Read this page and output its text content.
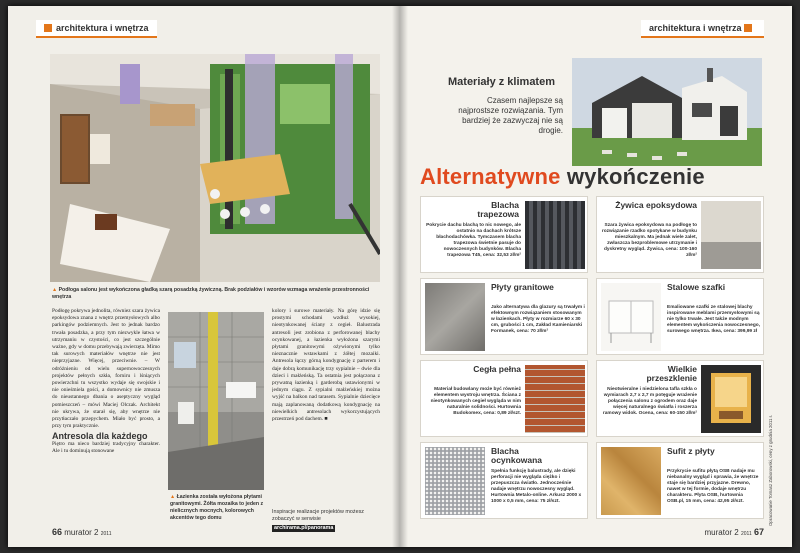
architektura i wnętrza
▲ Podłoga salonu jest wykończona gładką szarą posadzką żywiczną. Brak podziałów i wzorów wzmaga wrażenie przestronności wnętrza

Podłogę pokrywa jednolita, równiez szara żywica epoksydowa znana z wnętrz przemysłowych albo parkingów podziemnych. Jest to jednak bardzo trwała posadzka, a przy tym niezwykle łatwa w utrzymaniu w czystości, co jest szczególnie ważne, gdy w domu przebywają zwierzęta. Mimo tak surowych materiałów wnętrze nie jest nieprzyjazne. Więcej, przeciwnie. – W odróżnieniu od wielu supernowoczesnych projektów pełnych szkła, forniru i lśniących powierzchni tu wszystko wydaje się swojskie i nie onieśmiela gości, a domownicy nie zmusza do nieustannego dbania o aseptyczny wygląd pomieszczeń – mówi Maciej Olczak. Architekt nie ukrywa, że starał się, aby wnętrze nie przytłaczało przepychem. Miało być prosto, a przy tym praktycznie.

Antresola dla każdego

Piętro ma nieco bardziej tradycyjny charakter. Ale i tu dominują stonowane

▲ Łazienka została wyłożona płytami granitowymi. Żółta mozaika to jeden z nielicznych mocnych, kolorowych akcentów tego domu

kolory i surowe materiały. Na górę idzie się prostymi schodami wzdłuż wysokiej, nieotynkowanej ściany z cegieł. Balustrada antresoli jest zrobiona z perforowanej blachy ocynkowanej, a łazienka wyłożona szarymi płytami granitowymi ożywionymi tylko nieznacznie wstawkami z żółtej mozaiki. Antresola łączy górną kondygnację z parterem i daje dobrą komunikację trzy sypialnie – dwie dla dzieci i małżeńską. Ta ostatnia jest połączona z prywatną łazienką i garderobą ustawionymi w jednym ciągu. Z sypialni małżeńskiej można wyjść na balkon nad tarasem. Sypialnie dziecięce mają zaplanowaną dodatkową kondygnację na niewielkich antresolach wykorzystujących przestrzeń pod dachem. ■

Inspiracje realizacje projektów możesz zobaczyć w serwisie
archirama.pl/panorama
66 murator 2 2011
architektura i wnętrza
Materiały z klimatem
Czasem najlepsze są najprostsze rozwiązania. Tym bardziej że zazwyczaj nie są drogie.
Alternatywne wykończenie
Blacha trapezowa
Pokrycie dachu blachą to nic nowego, ale ostatnio na dachach krótsze błachodachówka. Tymczasem blacha trapezowa świetnie pasuje do nowoczesnych budynków. Blacha trapezowa T45, cena: 32,53 zł/m²
Żywica epoksydowa
Szara żywica epoksydowa na podłogę to rozwiązanie rzadko spotykane w budynku mieszkalnym. Ma jednak wiele zalet, zwłaszcza bezproblemowe utrzymanie i dyskretny wygląd. Żywica, cena: 100-160 zł/m²
Płyty granitowe
Jako alternatywa dla glazury są trwałym i efektownym rozwiązaniem stosowanym w łazienkach. Płyty w rozmiarze 60 x 30 cm, grubości 1 cm, Zakład Kamieniarski Formanek, cena: 70 zł/m²
Stalowe szafki
Emaliowane szafki ze stalowej blachy inspirowane meblami przemysłowymi są nie tylko trwałe. Jest także modnym elementem wykończenia nowoczesnego, surowego wnętrza. Ikea, cena: 399,99 zł
Cegła pełna
Materiał budowlany może być również elementem wystroju wnętrza. Ściana z nieotynkowanych cegieł wygląda w nim naturalnie solidności. Hurtownia Budokomex, cena: 0,89 zł/szt.
Wielkie przeszklenie
Nieotwieralne i niedzielona tafla szkła o wymiarach 2,7 x 2,7 m potęguje wrażenie połączenia salonu z ogrodem oraz daje więcej naturalnego światła i roszerza ramowy widok. Ocena, cena: 60-150 zł/m²
Blacha ocynkowana
Spełnia funkcję balustrady, ale dzięki perforacji nie wygląda ciężko i przepuszcza światło. Jednocześnie nadaje wnętrzu nowoczesny wygląd. Hurtownia Metalo-online. Arkusz 2000 x 1000 x 0,5 mm, cena: 75 zł/szt.
Sufit z płyty
Przykrycie sufitu płytą OSB nadaje mu niebanalny wygląd i sprawia, że wnętrze staje się bardziej przyjazne. Drewno, nawet w tej formie, dodaje wnętrzu charakteru. Płyta OSB, hurtownia OSB.pl, 15 mm, cena: 42,95 zł/szt.	Opracowanie Tomasz Zaborowski, ceny z grudnia 2011 r.
murator 2 2011 67
